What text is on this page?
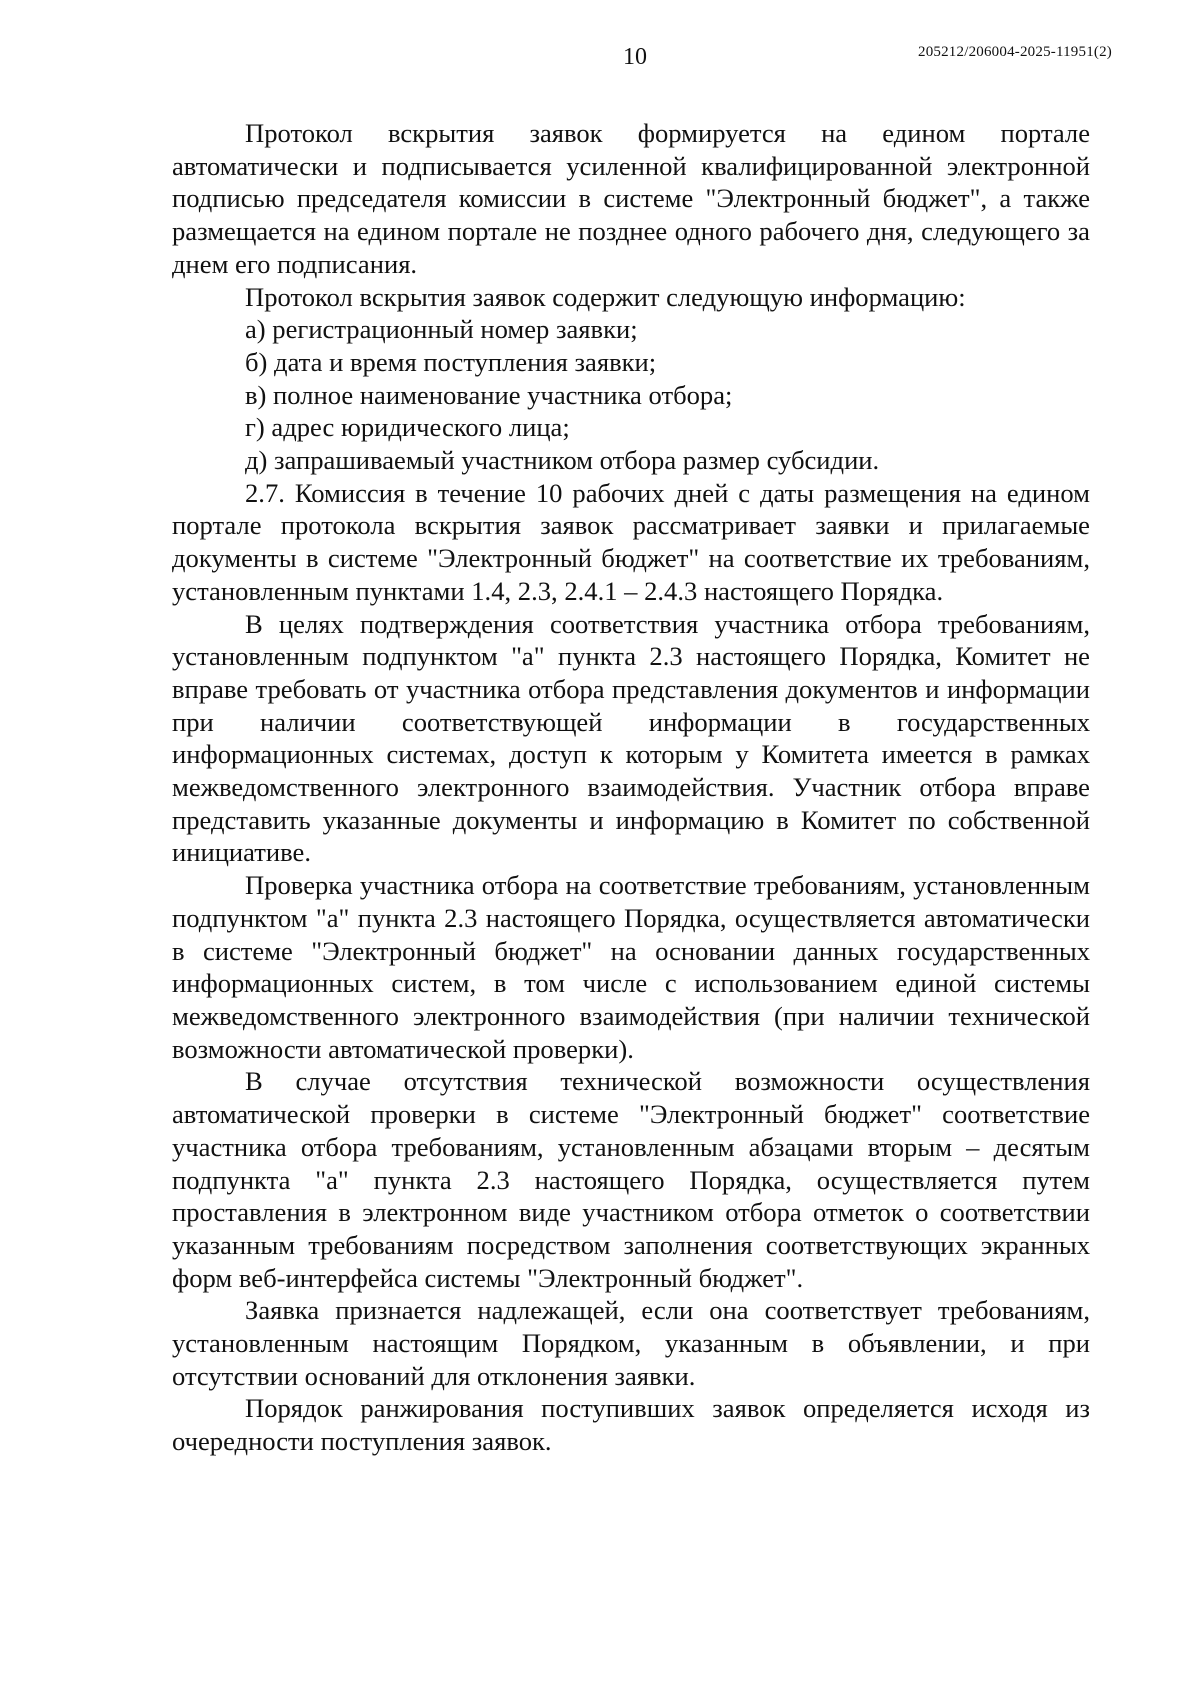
10	205212/206004-2025-11951(2)

Протокол вскрытия заявок формируется на едином портале автоматически и подписывается усиленной квалифицированной электронной подписью председателя комиссии в системе "Электронный бюджет", а также размещается на едином портале не позднее одного рабочего дня, следующего за днем его подписания.

Протокол вскрытия заявок содержит следующую информацию:

а) регистрационный номер заявки;

б) дата и время поступления заявки;

в) полное наименование участника отбора;

г) адрес юридического лица;

д) запрашиваемый участником отбора размер субсидии.

2.7. Комиссия в течение 10 рабочих дней с даты размещения на едином портале протокола вскрытия заявок рассматривает заявки и прилагаемые документы в системе "Электронный бюджет" на соответствие их требованиям, установленным пунктами 1.4, 2.3, 2.4.1 – 2.4.3 настоящего Порядка.

В целях подтверждения соответствия участника отбора требованиям, установленным подпунктом "а" пункта 2.3 настоящего Порядка, Комитет не вправе требовать от участника отбора представления документов и информации при наличии соответствующей информации в государственных информационных системах, доступ к которым у Комитета имеется в рамках межведомственного электронного взаимодействия. Участник отбора вправе представить указанные документы и информацию в Комитет по собственной инициативе.

Проверка участника отбора на соответствие требованиям, установленным подпунктом "а" пункта 2.3 настоящего Порядка, осуществляется автоматически в системе "Электронный бюджет" на основании данных государственных информационных систем, в том числе с использованием единой системы межведомственного электронного взаимодействия (при наличии технической возможности автоматической проверки).

В случае отсутствия технической возможности осуществления автоматической проверки в системе "Электронный бюджет" соответствие участника отбора требованиям, установленным абзацами вторым – десятым подпункта "а" пункта 2.3 настоящего Порядка, осуществляется путем проставления в электронном виде участником отбора отметок о соответствии указанным требованиям посредством заполнения соответствующих экранных форм веб-интерфейса системы "Электронный бюджет".

Заявка признается надлежащей, если она соответствует требованиям, установленным настоящим Порядком, указанным в объявлении, и при отсутствии оснований для отклонения заявки.

Порядок ранжирования поступивших заявок определяется исходя из очередности поступления заявок.
